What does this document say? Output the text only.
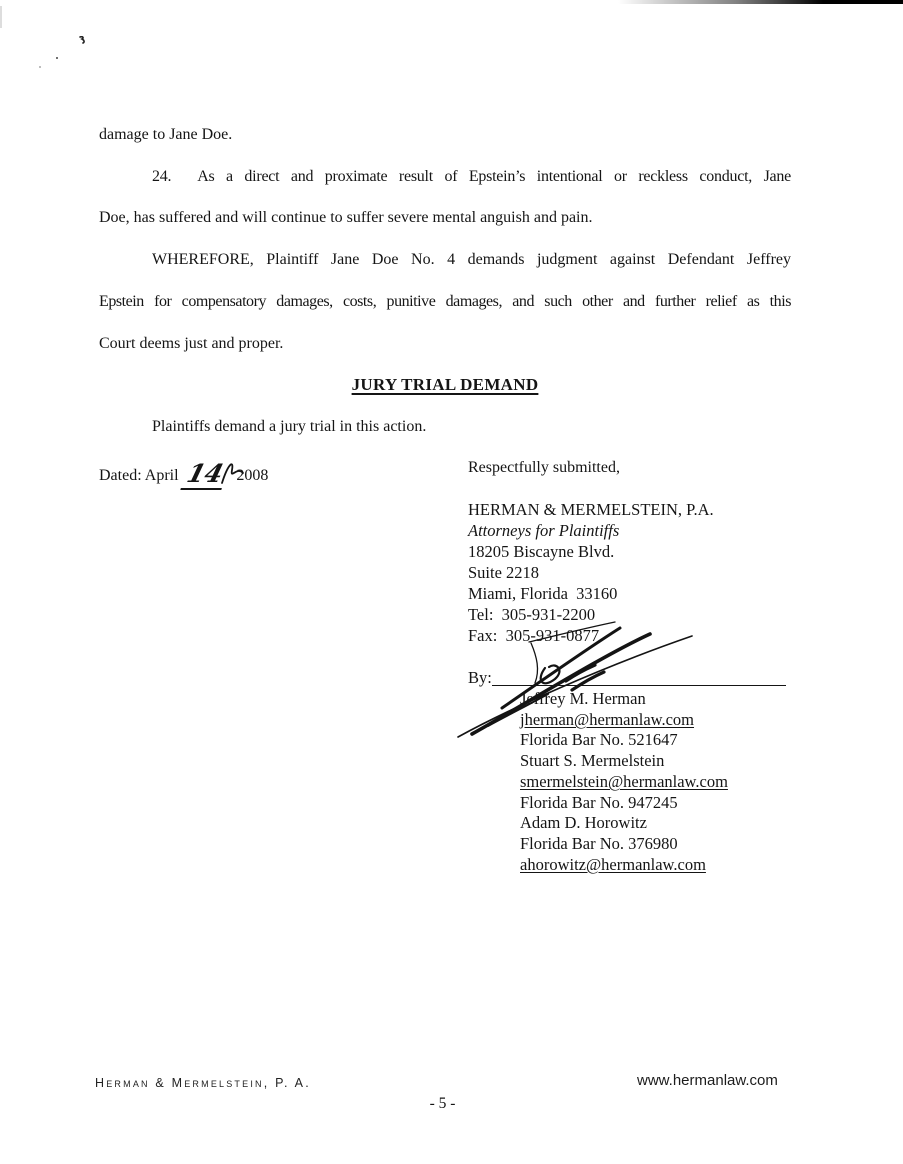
damage to Jane Doe.

24. As a direct and proximate result of Epstein’s intentional or reckless conduct, Jane

Doe, has suffered and will continue to suffer severe mental anguish and pain.

WHEREFORE, Plaintiff Jane Doe No. 4 demands judgment against Defendant Jeffrey

Epstein for compensatory damages, costs, punitive damages, and such other and further relief as this

Court deems just and proper.

JURY TRIAL DEMAND

Plaintiffs demand a jury trial in this action.

Dated: April 14 2008	Respectfully submitted,
HERMAN & MERMELSTEIN, P.A.
Attorneys for Plaintiffs
18205 Biscayne Blvd.
Suite 2218
Miami, Florida  33160
Tel:  305-931-2200
Fax:  305-931-0877
By:
Jeffrey M. Herman
jherman@hermanlaw.com
Florida Bar No. 521647
Stuart S. Mermelstein
smermelstein@hermanlaw.com
Florida Bar No. 947245
Adam D. Horowitz
Florida Bar No. 376980
ahorowitz@hermanlaw.com
Herman & Mermelstein, P. A.	www.hermanlaw.com
- 5 -
